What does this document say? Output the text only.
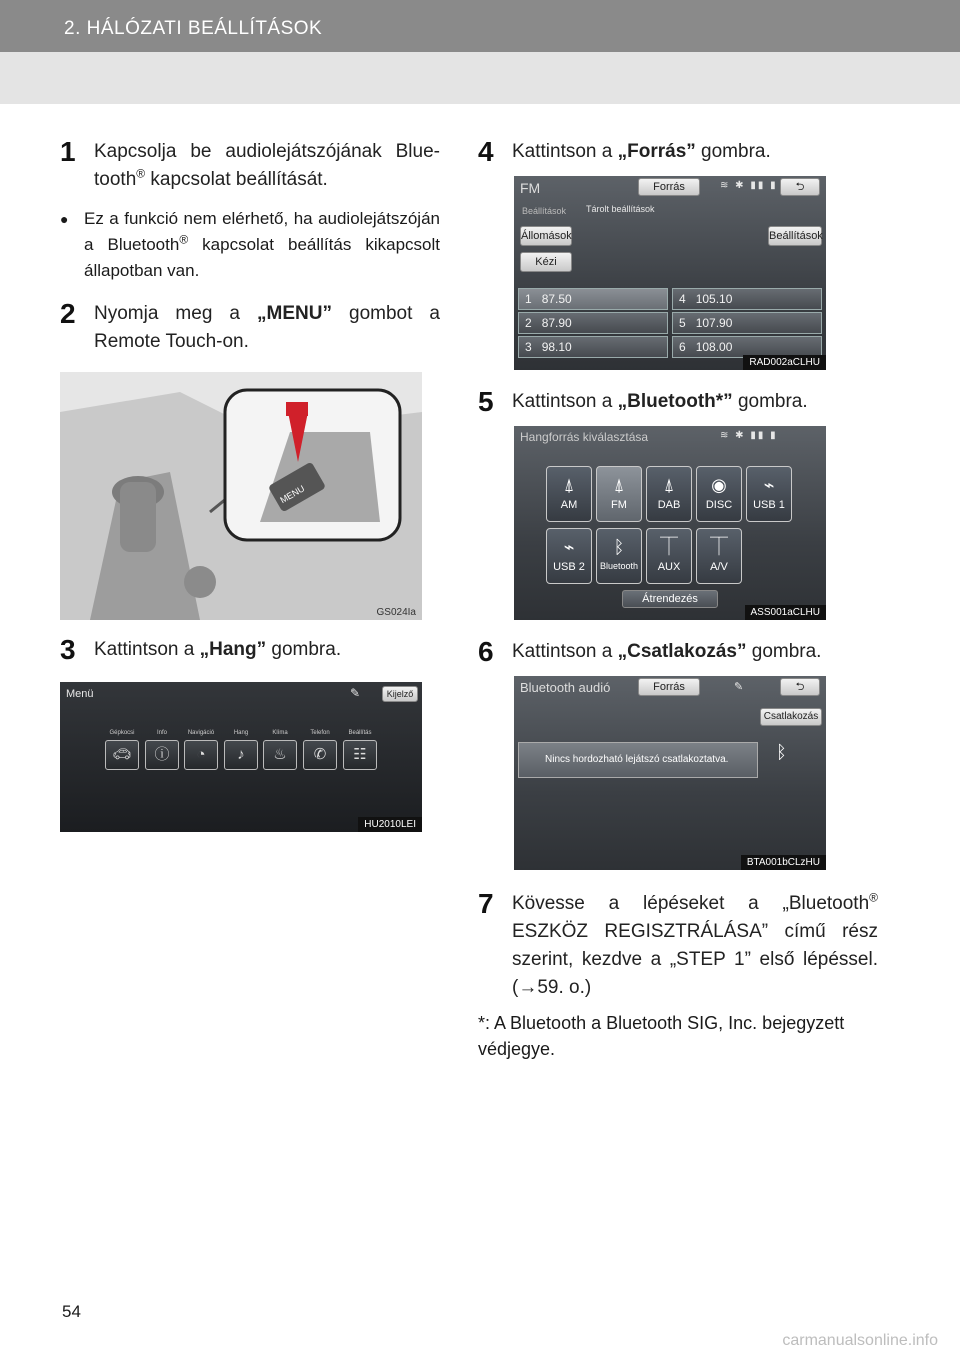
2. HÁLÓZATI BEÁLLÍTÁSOK
1 Kapcsolja be audiolejátszójának Blue-tooth® kapcsolat beállítását.
● Ez a funkció nem elérhető, ha audiolejátszóján a Bluetooth® kapcsolat beállítás kikapcsolt állapotban van.
2 Nyomja meg a „MENU” gombot a Remote Touch-on.
MENU
GS024Ia
3 Kattintson a „Hang” gombra.
Menü	✎	Kijelző
Gépkocsi	Info	Navigáció	Hang	Klíma	Telefon	Beállítás
🚗︎	ⓘ	◔	♪	♨	✆	☷
HU2010LEI
4 Kattintson a „Forrás” gombra.
FM	Forrás	≋ ✱ ▮▮ ▮	⮌
Beállítások Tárolt beállítások
Állomások
Kézi
Beállítások
1 87.50
2 87.90
3 98.10
4 105.10
5 107.90
6 108.00
RAD002aCLHU
5 Kattintson a „Bluetooth*” gombra.
Hangforrás kiválasztása	≋ ✱ ▮▮ ▮
⍋
AM
⍋
FM
⍋
DAB
◉
DISC
⌁
USB 1
⌁
USB 2
ᛒ
Bluetooth
⏉
AUX
⏉
A/V
Átrendezés
ASS001aCLHU
6 Kattintson a „Csatlakozás” gombra.
Bluetooth audió	Forrás	✎	⮌
Csatlakozás
Nincs hordozható lejátszó csatlakoztatva.	ᛒ
BTA001bCLzHU
7 Kövesse a lépéseket a „Bluetooth® ESZKÖZ REGISZTRÁLÁSA” című rész szerint, kezdve a „STEP 1” első lépéssel. (→59. o.)
*: A Bluetooth a Bluetooth SIG, Inc. bejegyzett védjegye.
54
carmanualsonline.info
